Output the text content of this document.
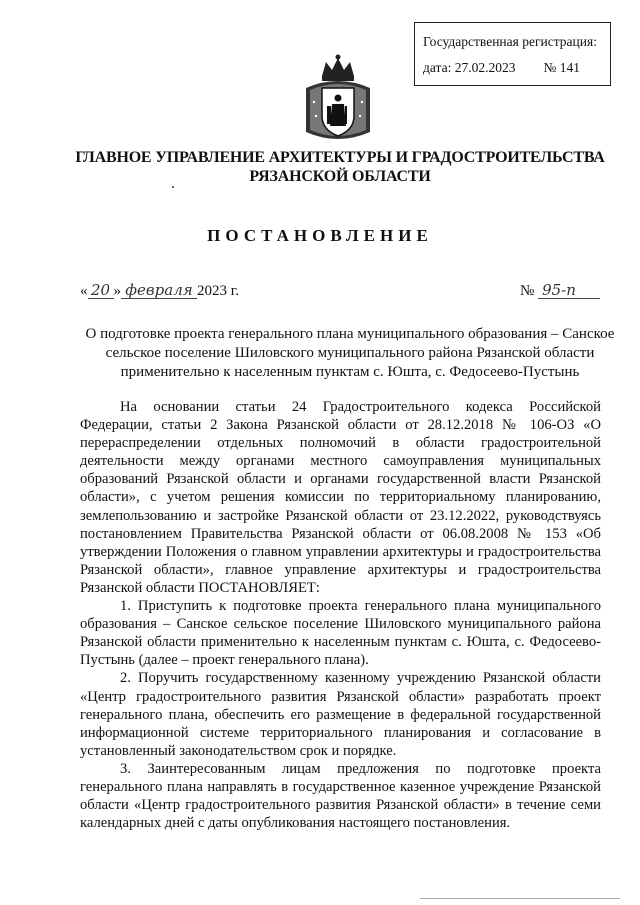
Государственная регистрация:
дата: 27.02.2023 № 141
ГЛАВНОЕ УПРАВЛЕНИЕ АРХИТЕКТУРЫ И ГРАДОСТРОИТЕЛЬСТВА
РЯЗАНСКОЙ ОБЛАСТИ
ПОСТАНОВЛЕНИЕ
« 20 » февраля 2023 г.	№ 95-п
О подготовке проекта генерального плана муниципального образования – Санское сельское поселение Шиловского муниципального района Рязанской области применительно к населенным пунктам с. Юшта, с. Федосеево-Пустынь

На основании статьи 24 Градостроительного кодекса Российской Федерации, статьи 2 Закона Рязанской области от 28.12.2018 № 106-ОЗ «О перераспределении отдельных полномочий в области градостроительной деятельности между органами местного самоуправления муниципальных образований Рязанской области и органами государственной власти Рязанской области», с учетом решения комиссии по территориальному планированию, землепользованию и застройке Рязанской области от 23.12.2022, руководствуясь постановлением Правительства Рязанской области от 06.08.2008 № 153 «Об утверждении Положения о главном управлении архитектуры и градостроительства Рязанской области», главное управление архитектуры и градостроительства Рязанской области ПОСТАНОВЛЯЕТ:

1. Приступить к подготовке проекта генерального плана муниципального образования – Санское сельское поселение Шиловского муниципального района Рязанской области применительно к населенным пунктам с. Юшта, с. Федосеево-Пустынь (далее – проект генерального плана).

2. Поручить государственному казенному учреждению Рязанской области «Центр градостроительного развития Рязанской области» разработать проект генерального плана, обеспечить его размещение в федеральной государственной информационной системе территориального планирования и согласование в установленный законодательством срок и порядке.

3. Заинтересованным лицам предложения по подготовке проекта генерального плана направлять в государственное казенное учреждение Рязанской области «Центр градостроительного развития Рязанской области» в течение семи календарных дней с даты опубликования настоящего постановления.
